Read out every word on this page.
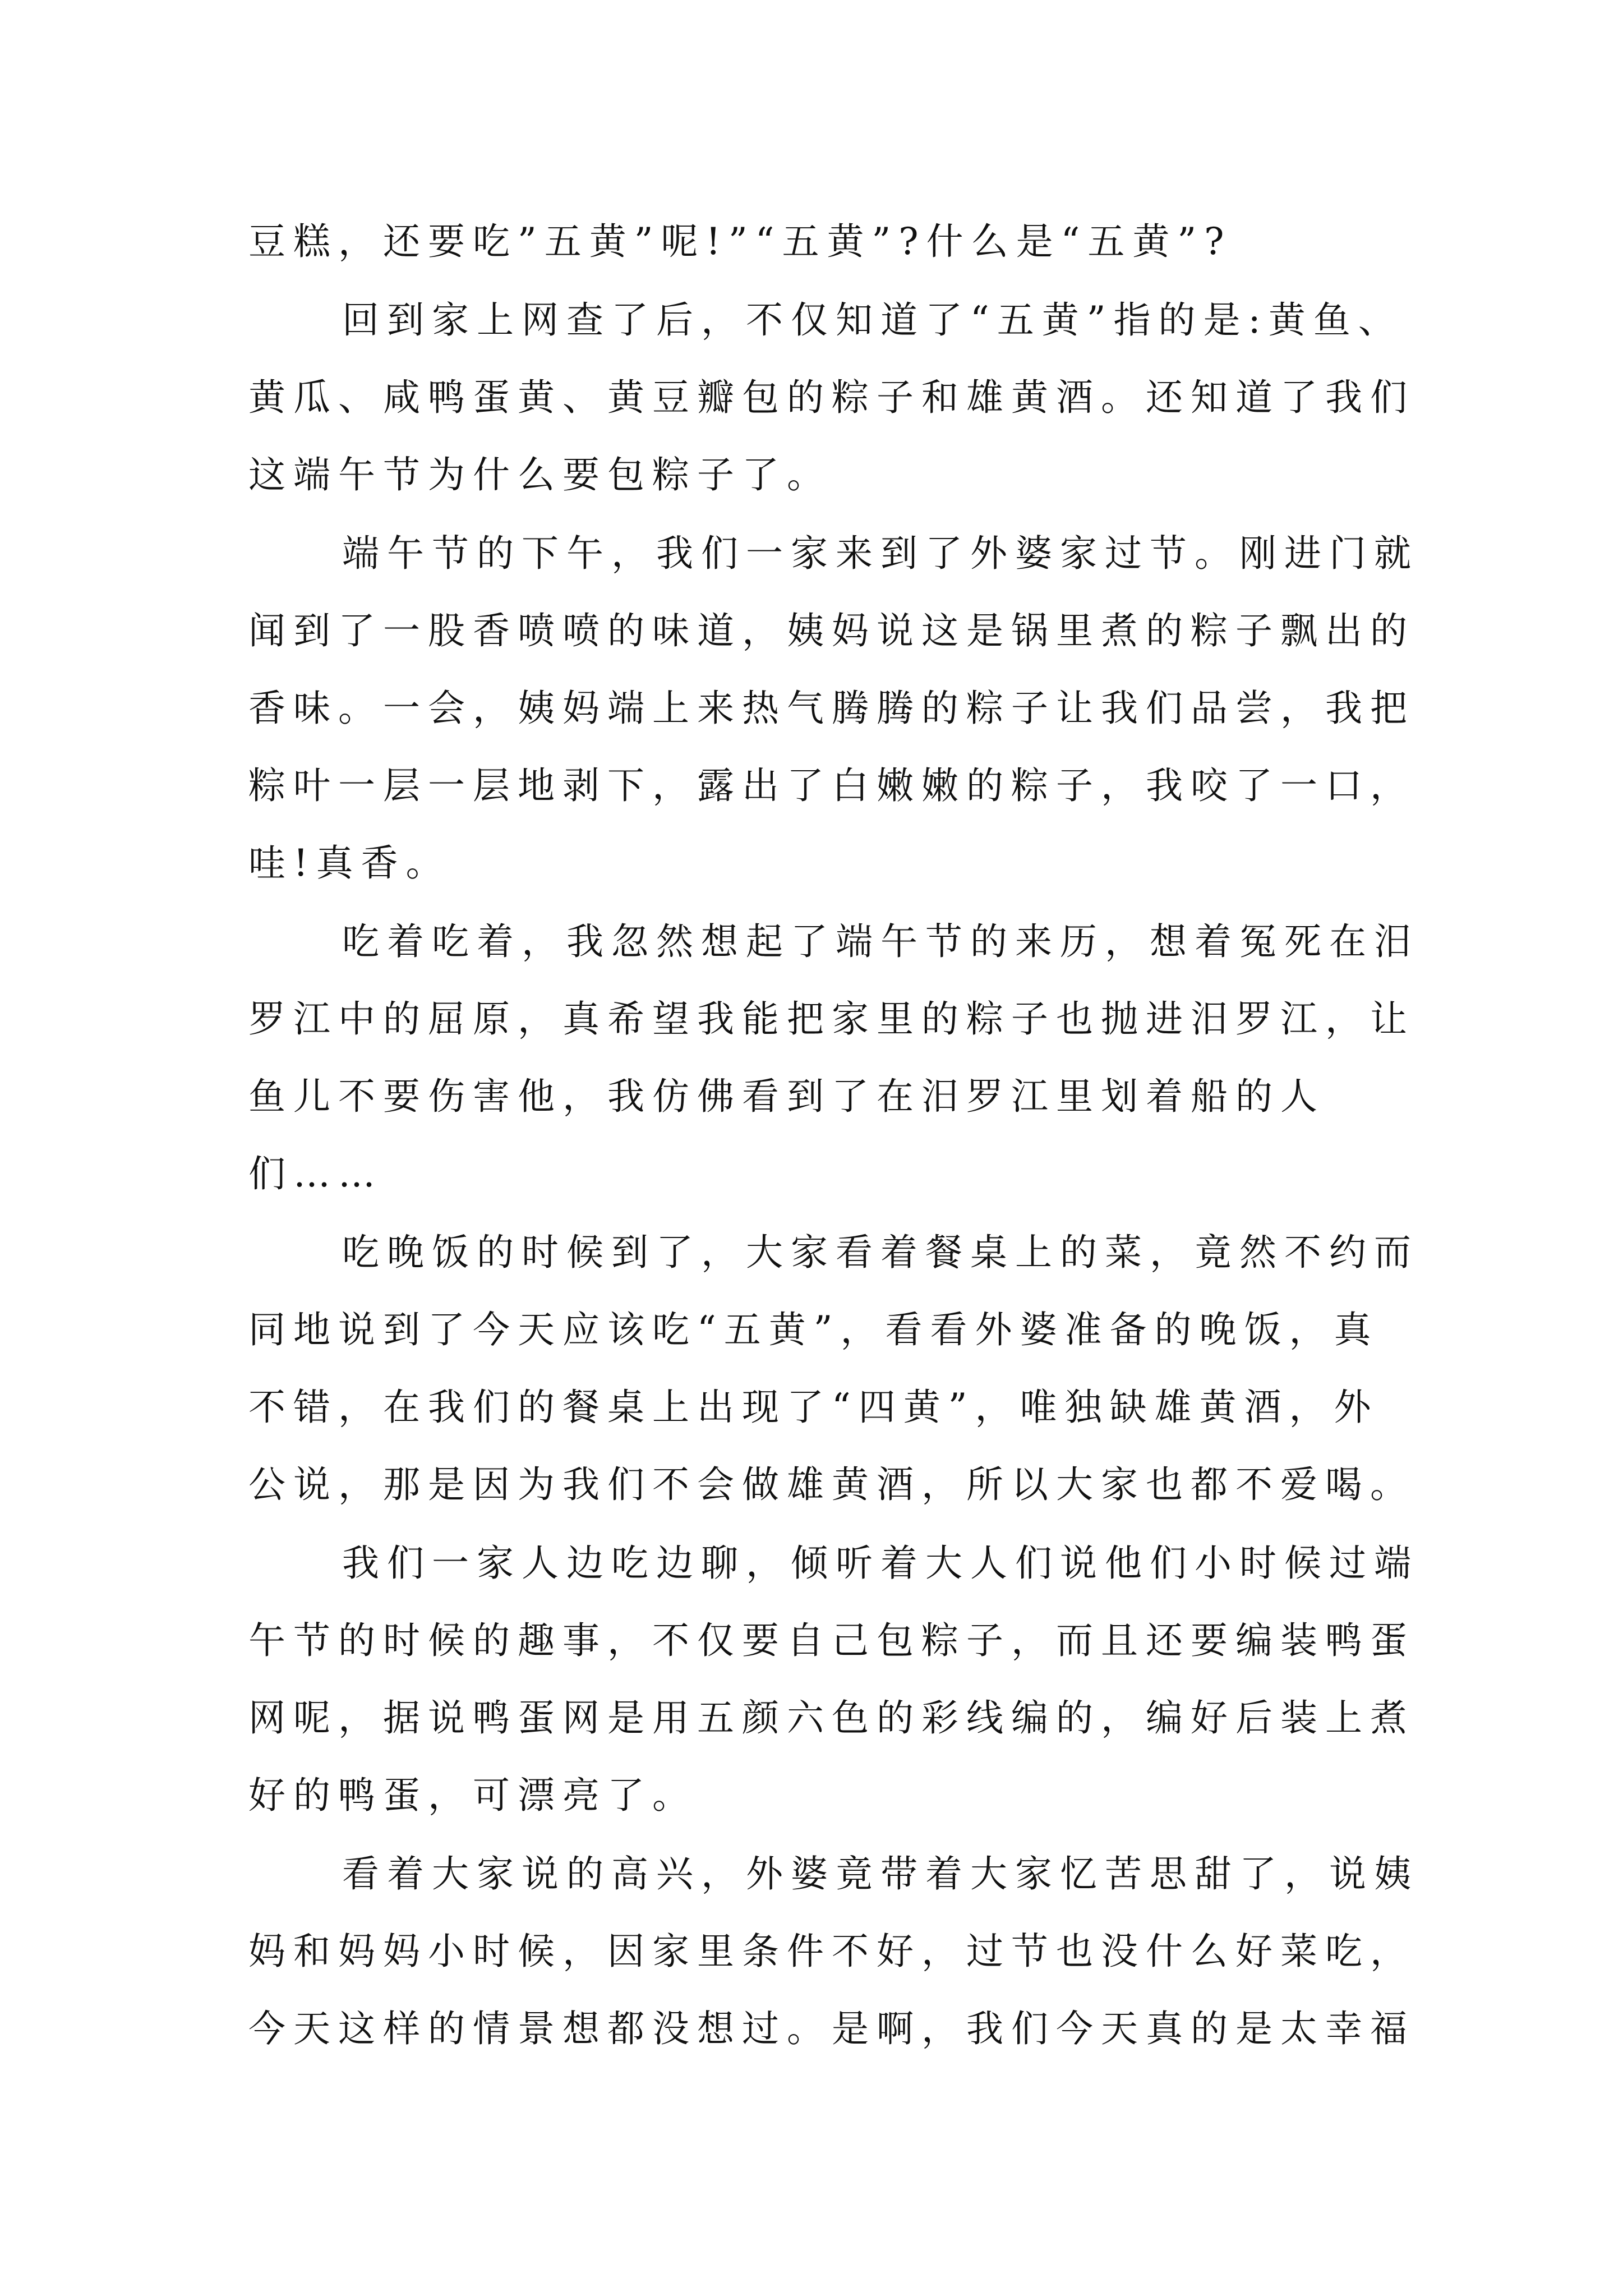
豆糕，还要吃”五黄”呢!”“五黄”?什么是“五黄”?
回到家上网查了后，不仅知道了“五黄”指的是:黄鱼、
黄瓜、咸鸭蛋黄、黄豆瓣包的粽子和雄黄酒。还知道了我们
这端午节为什么要包粽子了。
端午节的下午，我们一家来到了外婆家过节。刚进门就
闻到了一股香喷喷的味道，姨妈说这是锅里煮的粽子飘出的
香味。一会，姨妈端上来热气腾腾的粽子让我们品尝，我把
粽叶一层一层地剥下，露出了白嫩嫩的粽子，我咬了一口，
哇!真香。
吃着吃着，我忽然想起了端午节的来历，想着冤死在汨
罗江中的屈原，真希望我能把家里的粽子也抛进汨罗江，让
鱼儿不要伤害他，我仿佛看到了在汨罗江里划着船的人
们……
吃晚饭的时候到了，大家看着餐桌上的菜，竟然不约而
同地说到了今天应该吃“五黄”，看看外婆准备的晚饭，真
不错，在我们的餐桌上出现了“四黄”，唯独缺雄黄酒，外
公说，那是因为我们不会做雄黄酒，所以大家也都不爱喝。
我们一家人边吃边聊，倾听着大人们说他们小时候过端
午节的时候的趣事，不仅要自己包粽子，而且还要编装鸭蛋
网呢，据说鸭蛋网是用五颜六色的彩线编的，编好后装上煮
好的鸭蛋，可漂亮了。
看着大家说的高兴，外婆竟带着大家忆苦思甜了，说姨
妈和妈妈小时候，因家里条件不好，过节也没什么好菜吃，
今天这样的情景想都没想过。是啊，我们今天真的是太幸福
